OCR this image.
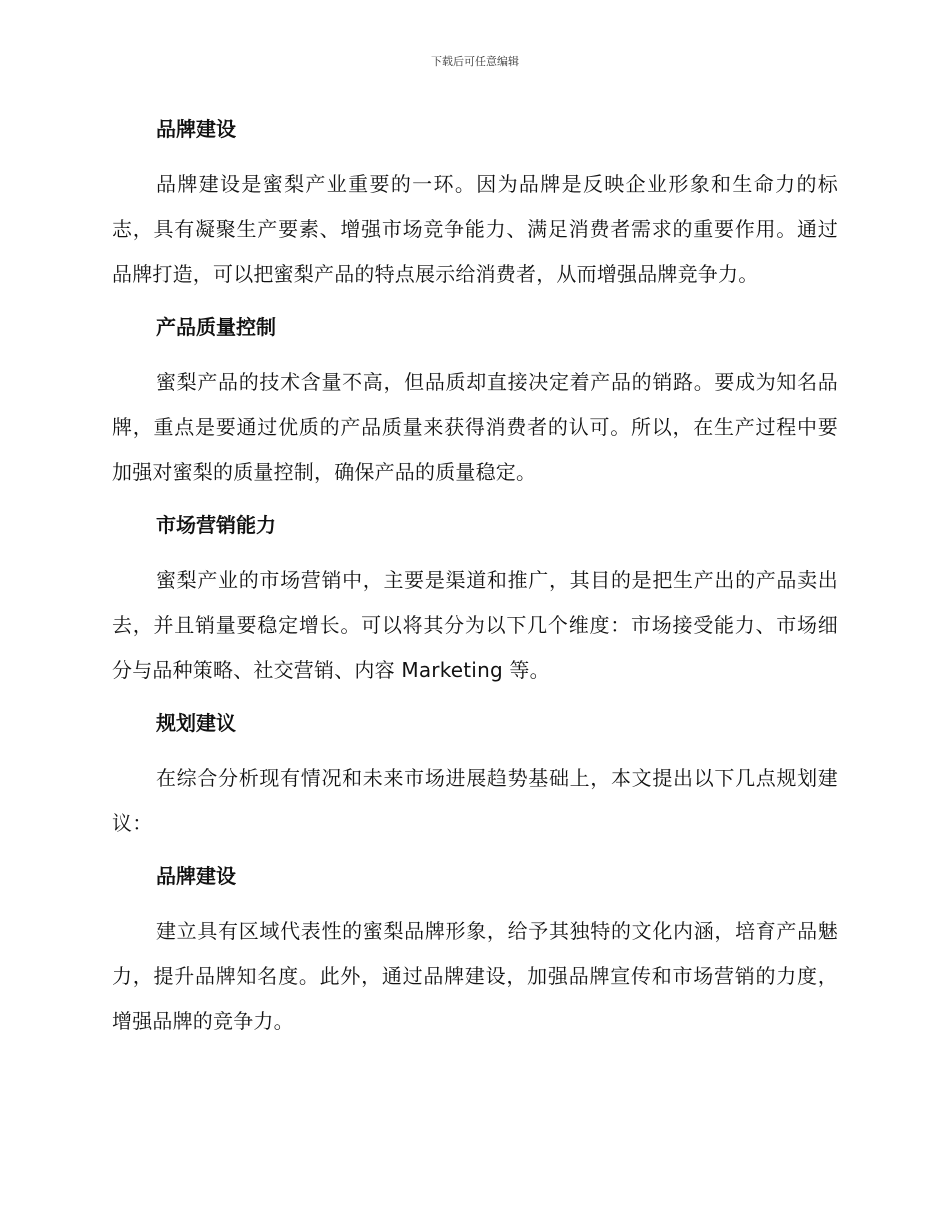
下载后可任意编辑
品牌建设

品牌建设是蜜梨产业重要的一环。因为品牌是反映企业形象和生命力的标志，具有凝聚生产要素、增强市场竞争能力、满足消费者需求的重要作用。通过品牌打造，可以把蜜梨产品的特点展示给消费者，从而增强品牌竞争力。

产品质量控制

蜜梨产品的技术含量不高，但品质却直接决定着产品的销路。要成为知名品牌，重点是要通过优质的产品质量来获得消费者的认可。所以，在生产过程中要加强对蜜梨的质量控制，确保产品的质量稳定。

市场营销能力

蜜梨产业的市场营销中，主要是渠道和推广，其目的是把生产出的产品卖出去，并且销量要稳定增长。可以将其分为以下几个维度：市场接受能力、市场细分与品种策略、社交营销、内容 Marketing 等。

规划建议

在综合分析现有情况和未来市场进展趋势基础上，本文提出以下几点规划建议：

品牌建设

建立具有区域代表性的蜜梨品牌形象，给予其独特的文化内涵，培育产品魅力，提升品牌知名度。此外，通过品牌建设，加强品牌宣传和市场营销的力度，增强品牌的竞争力。
